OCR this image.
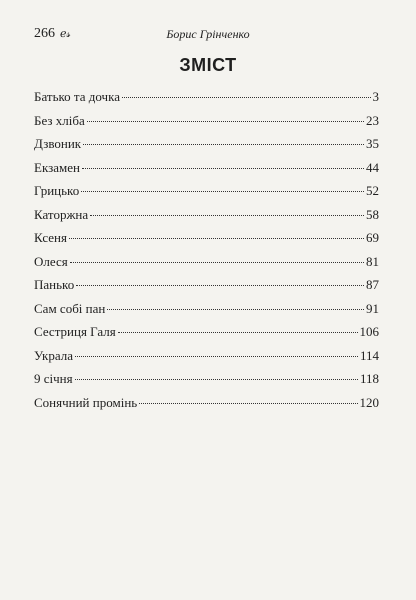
266 ℯ𝓈	Борис Грінченко
ЗМІСТ
Батько та дочка	3
Без хліба	23
Дзвоник	35
Екзамен	44
Грицько	52
Каторжна	58
Ксеня	69
Олеся	81
Панько	87
Сам собі пан	91
Сестриця Галя	106
Украла	114
9 січня	118
Сонячний промінь	120
